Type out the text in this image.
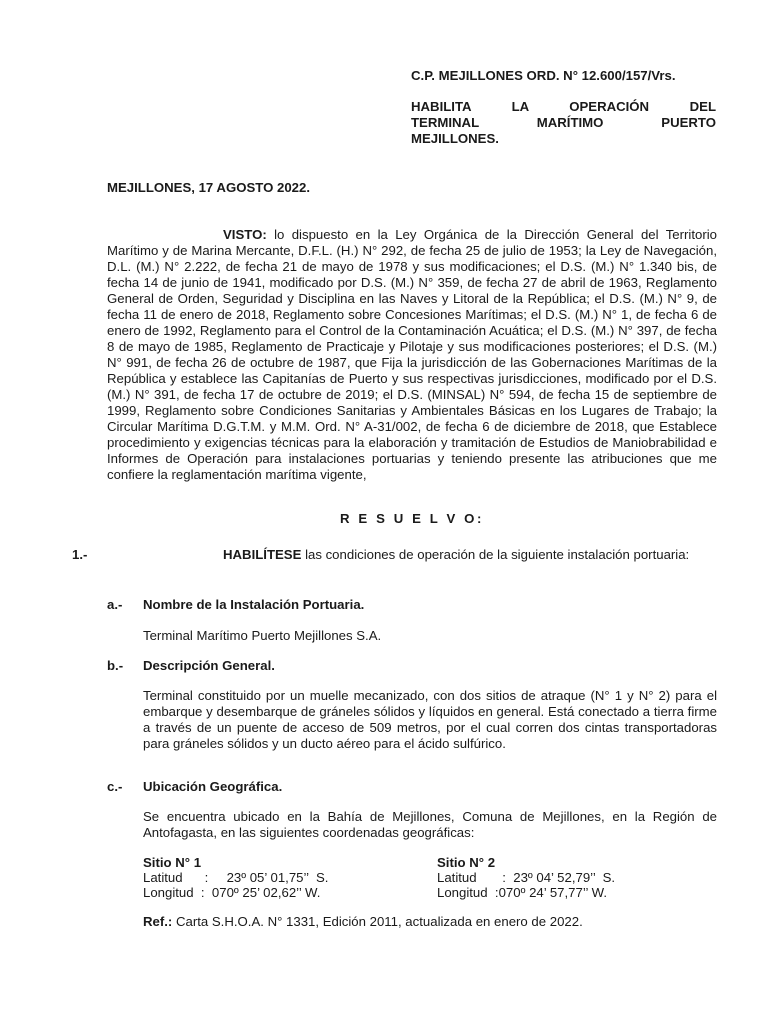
C.P. MEJILLONES ORD. N° 12.600/157/Vrs.
HABILITA LA OPERACIÓN DEL
TERMINAL MARÍTIMO PUERTO
MEJILLONES.
MEJILLONES, 17 AGOSTO 2022.
VISTO: lo dispuesto en la Ley Orgánica de la Dirección General del Territorio Marítimo y de Marina Mercante, D.F.L. (H.) N° 292, de fecha 25 de julio de 1953; la Ley de Navegación, D.L. (M.) N° 2.222, de fecha 21 de mayo de 1978 y sus modificaciones; el D.S. (M.) N° 1.340 bis, de fecha 14 de junio de 1941, modificado por D.S. (M.) N° 359, de fecha 27 de abril de 1963, Reglamento General de Orden, Seguridad y Disciplina en las Naves y Litoral de la República; el D.S. (M.) N° 9, de fecha 11 de enero de 2018, Reglamento sobre Concesiones Marítimas; el D.S. (M.) N° 1, de fecha 6 de enero de 1992, Reglamento para el Control de la Contaminación Acuática; el D.S. (M.) N° 397, de fecha 8 de mayo de 1985, Reglamento de Practicaje y Pilotaje y sus modificaciones posteriores; el D.S. (M.) N° 991, de fecha 26 de octubre de 1987, que Fija la jurisdicción de las Gobernaciones Marítimas de la República y establece las Capitanías de Puerto y sus respectivas jurisdicciones, modificado por el D.S. (M.) N° 391, de fecha 17 de octubre de 2019; el D.S. (MINSAL) N° 594, de fecha 15 de septiembre de 1999, Reglamento sobre Condiciones Sanitarias y Ambientales Básicas en los Lugares de Trabajo; la Circular Marítima D.G.T.M. y M.M. Ord. N° A-31/002, de fecha 6 de diciembre de 2018, que Establece procedimiento y exigencias técnicas para la elaboración y tramitación de Estudios de Maniobrabilidad e Informes de Operación para instalaciones portuarias y teniendo presente las atribuciones que me confiere la reglamentación marítima vigente,
R E S U E L V O:
1.-	HABILÍTESE las condiciones de operación de la siguiente instalación portuaria:
a.- Nombre de la Instalación Portuaria.
Terminal Marítimo Puerto Mejillones S.A.
b.- Descripción General.
Terminal constituido por un muelle mecanizado, con dos sitios de atraque (N° 1 y N° 2) para el embarque y desembarque de gráneles sólidos y líquidos en general. Está conectado a tierra firme a través de un puente de acceso de 509 metros, por el cual corren dos cintas transportadoras para gráneles sólidos y un ducto aéreo para el ácido sulfúrico.
c.- Ubicación Geográfica.
Se encuentra ubicado en la Bahía de Mejillones, Comuna de Mejillones, en la Región de Antofagasta, en las siguientes coordenadas geográficas:
Sitio N° 1
Latitud      : 23º 05’ 01,75’’  S.
Longitud  : 070º 25’ 02,62’’ W.
Sitio N° 2
Latitud       : 23º 04’ 52,79’’  S.
Longitud  : 070º 24’ 57,77’’ W.
Ref.: Carta S.H.O.A. N° 1331, Edición 2011, actualizada en enero de 2022.
